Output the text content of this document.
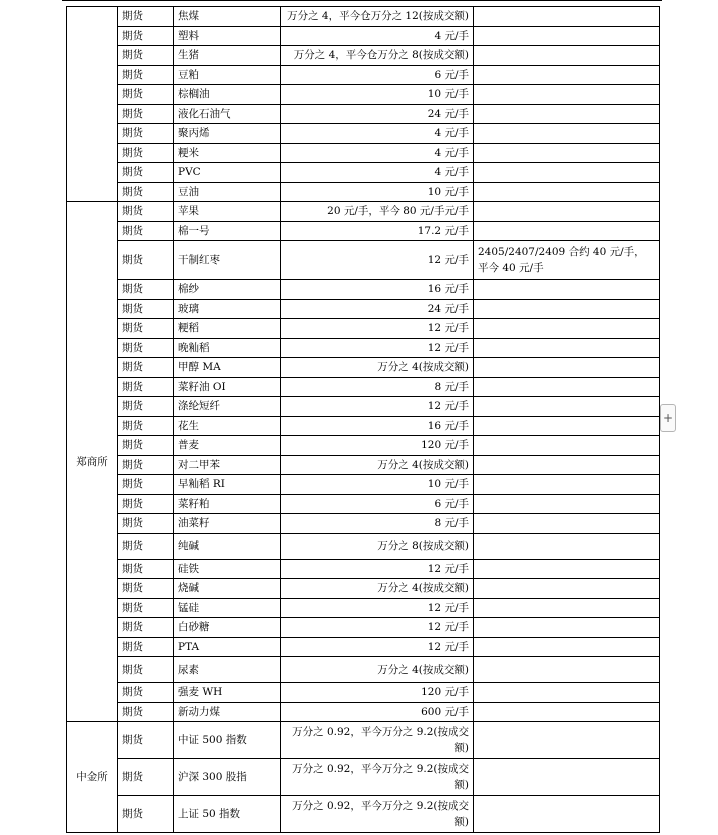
	期货	焦煤	万分之 4，平今仓万分之 12(按成交额)	
	期货	塑料	4 元/手	
	期货	生猪	万分之 4，平今仓万分之 8(按成交额)	
	期货	豆粕	6 元/手	
	期货	棕榈油	10 元/手	
	期货	液化石油气	24 元/手	
	期货	聚丙烯	4 元/手	
	期货	粳米	4 元/手	
	期货	PVC	4 元/手	
	期货	豆油	10 元/手	
郑商所	期货	苹果	20 元/手，平今 80 元/手元/手	
	期货	棉一号	17.2 元/手	
	期货	干制红枣	12 元/手	2405/2407/2409 合约 40 元/手，平今 40 元/手
	期货	棉纱	16 元/手	
	期货	玻璃	24 元/手	
	期货	粳稻	12 元/手	
	期货	晚籼稻	12 元/手	
	期货	甲醇 MA	万分之 4(按成交额)	
	期货	菜籽油 OI	8 元/手	
	期货	涤纶短纤	12 元/手	
	期货	花生	16 元/手	
	期货	普麦	120 元/手	
	期货	对二甲苯	万分之 4(按成交额)	
	期货	早籼稻 RI	10 元/手	
	期货	菜籽粕	6 元/手	
	期货	油菜籽	8 元/手	
	期货	纯碱	万分之 8(按成交额)	
	期货	硅铁	12 元/手	
	期货	烧碱	万分之 4(按成交额)	
	期货	锰硅	12 元/手	
	期货	白砂糖	12 元/手	
	期货	PTA	12 元/手	
	期货	尿素	万分之 4(按成交额)	
	期货	强麦 WH	120 元/手	
	期货	新动力煤	600 元/手	
中金所	期货	中证 500 指数	万分之 0.92，平今万分之 9.2(按成交额)	
	期货	沪深 300 股指	万分之 0.92，平今万分之 9.2(按成交额)	
	期货	上证 50 指数	万分之 0.92，平今万分之 9.2(按成交额)	
+
